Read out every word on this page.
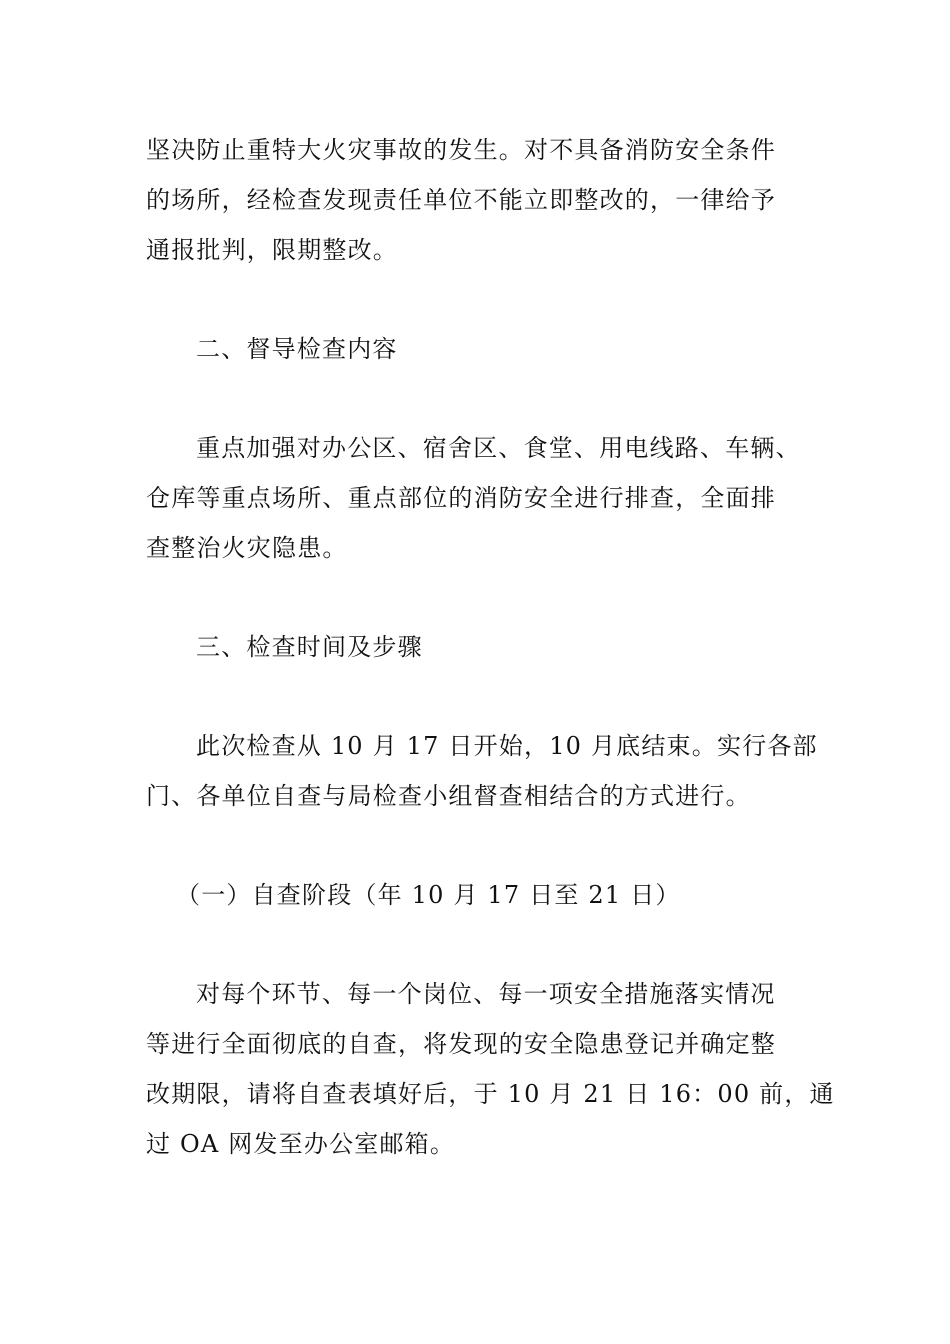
坚决防止重特大火灾事故的发生。对不具备消防安全条件
的场所，经检查发现责任单位不能立即整改的，一律给予
通报批判，限期整改。
二、督导检查内容
重点加强对办公区、宿舍区、食堂、用电线路、车辆、
仓库等重点场所、重点部位的消防安全进行排查，全面排
查整治火灾隐患。
三、检查时间及步骤
此次检查从 10 月 17 日开始，10 月底结束。实行各部
门、各单位自查与局检查小组督查相结合的方式进行。
（一）自查阶段（年 10 月 17 日至 21 日）
对每个环节、每一个岗位、每一项安全措施落实情况
等进行全面彻底的自查，将发现的安全隐患登记并确定整
改期限，请将自查表填好后，于 10 月 21 日 16：00 前，通
过 OA 网发至办公室邮箱。
